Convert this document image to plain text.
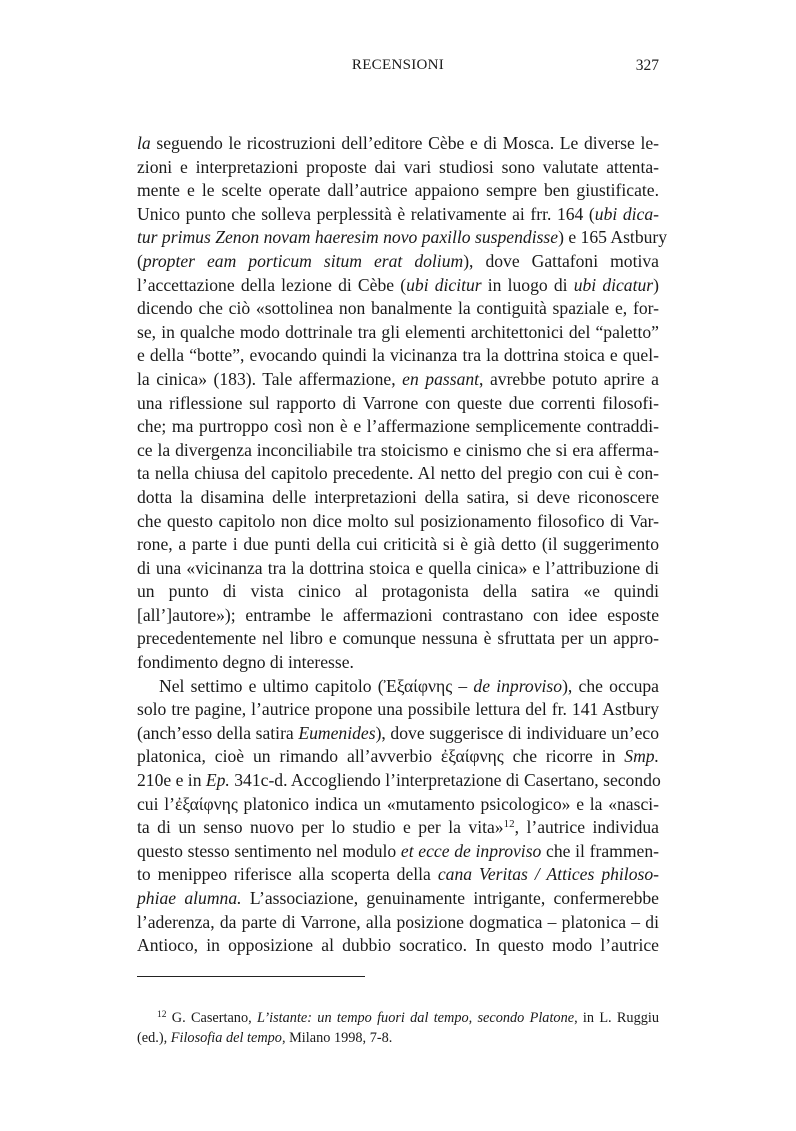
RECENSIONI	327
la seguendo le ricostruzioni dell’editore Cèbe e di Mosca. Le diverse le-
zioni e interpretazioni proposte dai vari studiosi sono valutate attenta-
mente e le scelte operate dall’autrice appaiono sempre ben giustificate.
Unico punto che solleva perplessità è relativamente ai frr. 164 (ubi dica-
tur primus Zenon novam haeresim novo paxillo suspendisse) e 165 Astbury
(propter eam porticum situm erat dolium), dove Gattafoni motiva
l’accettazione della lezione di Cèbe (ubi dicitur in luogo di ubi dicatur)
dicendo che ciò «sottolinea non banalmente la contiguità spaziale e, for-
se, in qualche modo dottrinale tra gli elementi architettonici del “paletto”
e della “botte”, evocando quindi la vicinanza tra la dottrina stoica e quel-
la cinica» (183). Tale affermazione, en passant, avrebbe potuto aprire a
una riflessione sul rapporto di Varrone con queste due correnti filosofi-
che; ma purtroppo così non è e l’affermazione semplicemente contraddi-
ce la divergenza inconciliabile tra stoicismo e cinismo che si era afferma-
ta nella chiusa del capitolo precedente. Al netto del pregio con cui è con-
dotta la disamina delle interpretazioni della satira, si deve riconoscere
che questo capitolo non dice molto sul posizionamento filosofico di Var-
rone, a parte i due punti della cui criticità si è già detto (il suggerimento
di una «vicinanza tra la dottrina stoica e quella cinica» e l’attribuzione di
un punto di vista cinico al protagonista della satira «e quindi
[all’]autore»); entrambe le affermazioni contrastano con idee esposte
precedentemente nel libro e comunque nessuna è sfruttata per un appro-
fondimento degno di interesse.
Nel settimo e ultimo capitolo (Ἐξαίφνης – de inproviso), che occupa
solo tre pagine, l’autrice propone una possibile lettura del fr. 141 Astbury
(anch’esso della satira Eumenides), dove suggerisce di individuare un’eco
platonica, cioè un rimando all’avverbio ἐξαίφνης che ricorre in Smp.
210e e in Ep. 341c-d. Accogliendo l’interpretazione di Casertano, secondo
cui l’ἐξαίφνης platonico indica un «mutamento psicologico» e la «nasci-
ta di un senso nuovo per lo studio e per la vita»$^{12}$, l’autrice individua
questo stesso sentimento nel modulo et ecce de inproviso che il frammen-
to menippeo riferisce alla scoperta della cana Veritas / Attices philoso-
phiae alumna. L’associazione, genuinamente intrigante, confermerebbe
l’aderenza, da parte di Varrone, alla posizione dogmatica – platonica – di
Antioco, in opposizione al dubbio socratico. In questo modo l’autrice
$^{12}$ G. Casertano, L’istante: un tempo fuori dal tempo, secondo Platone, in L. Ruggiu
(ed.), Filosofia del tempo, Milano 1998, 7-8.
